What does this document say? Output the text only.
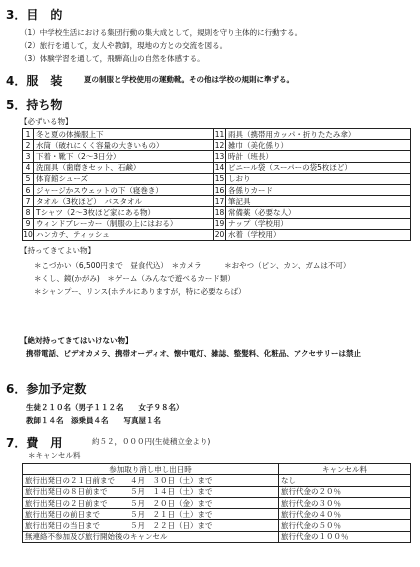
3．目　的
（1）中学校生活における集団行動の集大成として，規則を守り主体的に行動する。
（2）旅行を通して，友人や教師，現地の方との交流を図る。
（3）体験学習を通して，飛騨高山の自然を体感する。
4．服　装	夏の制服と学校使用の運動靴。その他は学校の規則に準ずる。
5．持ち物
【必ずいる物】
1	冬と夏の体操服上下	11	雨具（携帯用カッパ・折りたたみ傘）
2	水筒（破れにくく容量の大きいもの）	12	雑巾（美化係り）
3	下着・靴下（2～3日分）	13	時計（班長）
4	洗面具（歯磨きセット、石鹸）	14	ビニール袋（スーパーの袋5枚ほど）
5	体育館シューズ	15	しおり
6	ジャージかスウェットの下（寝巻き）	16	各係りカード
7	タオル（3枚ほど）　バスタオル	17	筆記具
8	Tシャツ（2～3枚ほど家にある物）	18	常備薬（必要な人）
9	ウィンドブレーカー（制服の上にはおる）	19	ナップ（学校用）
10	ハンカチ、ティッシュ	20	水着（学校用）
【持ってきてよい物】
＊こづかい（6,500円まで　昼食代込）　＊カメラ　　　＊おやつ（ピン、カン、ガムは不可）
＊くし、鏡(かがみ)　＊ゲーム（みんなで遊べるカード類）
＊シャンプー、リンス(ホテルにありますが，特に必要ならば）
【絶対持ってきてはいけない物】
携帯電話、ビデオカメラ、携帯オーディオ、懐中電灯、雑誌、整髪料、化粧品、アクセサリーは禁止
6．参加予定数
生徒２１０名（男子１１２名　　女子９８名）
教師１４名　添乗員４名　　写真屋１名
7．費　用	約５２，０００円(生徒積立金より)
＊キャンセル料
参加取り消し申し出日時	キャンセル料
旅行出発日の２１日前まで　　４月　３０日（土）まで	なし
旅行出発日の８日前まで　　　５月　１４日（土）まで	旅行代金の２０％
旅行出発日の２日前まで　　　５月　２０日（金）まで	旅行代金の３０％
旅行出発日の前日まで　　　　５月　２１日（土）まで	旅行代金の４０％
旅行出発日の当日まで　　　　５月　２２日（日）まで	旅行代金の５０％
無連絡不参加及び旅行開始後のキャンセル	旅行代金の１００％
